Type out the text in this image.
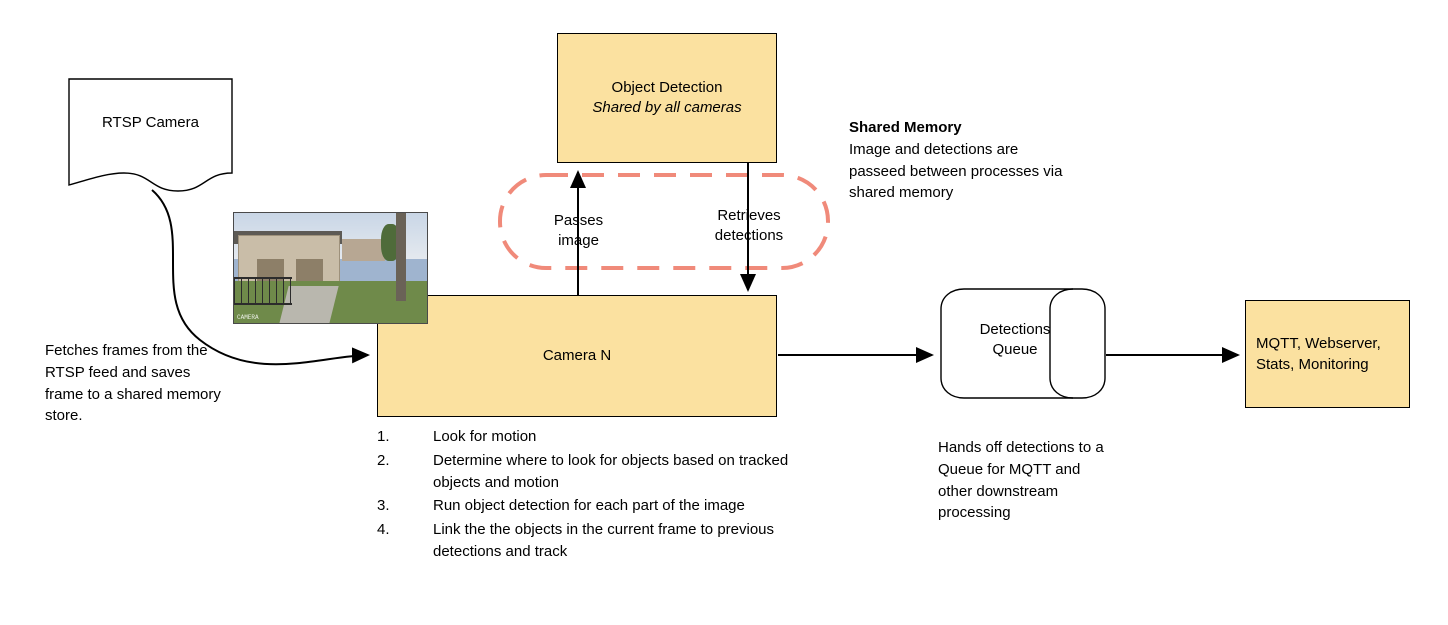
RTSP Camera
Object Detection
Shared by all cameras
Camera N
CAMERA
Detections
Queue	MQTT, Webserver,
Stats, Monitoring
Passes
image
Retrieves
detections
Fetches frames from the RTSP feed and saves frame to a shared memory store.
Shared Memory
Image and detections are passeed between processes via shared memory
Hands off detections to a Queue for MQTT and other downstream processing
1.	Look for motion
2.	Determine where to look for objects based on tracked objects and motion
3.	Run object detection for each part of the image
4.	Link the the objects in the current frame to previous detections and track
